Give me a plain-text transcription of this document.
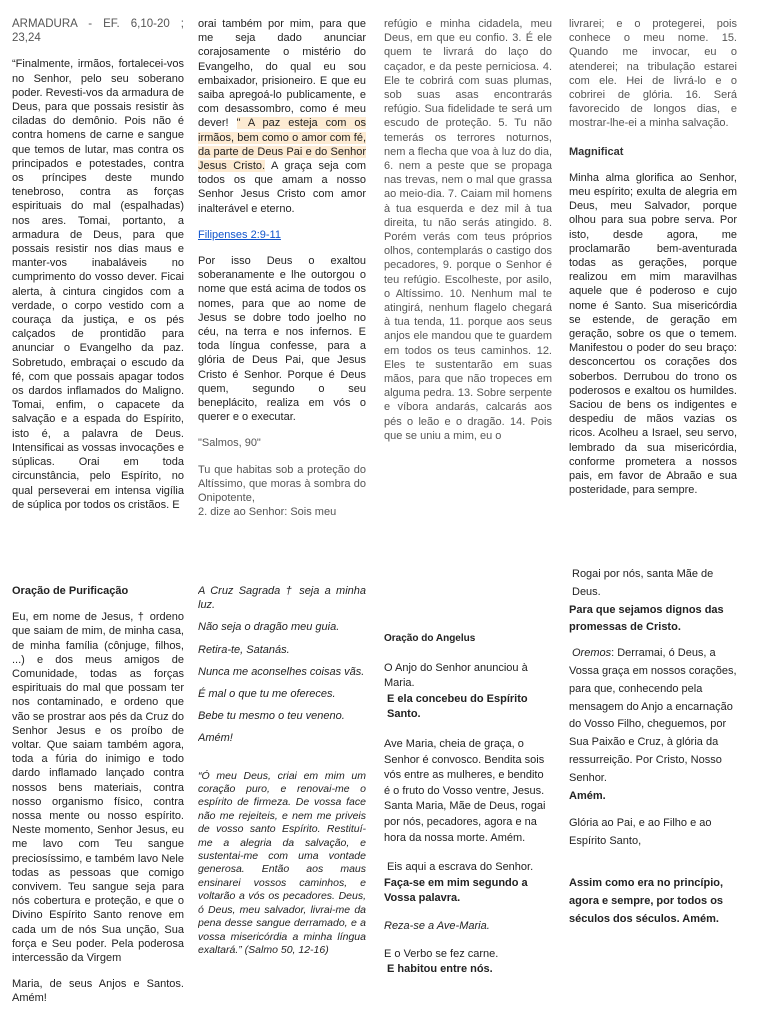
ARMADURA - EF. 6,10-20 ; 23,24

“Finalmente, irmãos, fortalecei-vos no Senhor, pelo seu soberano poder. Revesti-vos da armadura de Deus, para que possais resistir às ciladas do demônio. Pois não é contra homens de carne e sangue que temos de lutar, mas contra os principados e potestades, contra os príncipes deste mundo tenebroso, contra as forças espirituais do mal (espalhadas) nos ares. Tomai, portanto, a armadura de Deus, para que possais resistir nos dias maus e manter-vos inabaláveis no cumprimento do vosso dever. Ficai alerta, à cintura cingidos com a verdade, o corpo vestido com a couraça da justiça, e os pés calçados de prontidão para anunciar o Evangelho da paz. Sobretudo, embraçai o escudo da fé, com que possais apagar todos os dardos inflamados do Maligno. Tomai, enfim, o capacete da salvação e a espada do Espírito, isto é, a palavra de Deus. Intensificai as vossas invocações e súplicas. Orai em toda circunstância, pelo Espírito, no qual perseverai em intensa vigília de súplica por todos os cristãos. E

orai também por mim, para que me seja dado anunciar corajosamente o mistério do Evangelho, do qual eu sou embaixador, prisioneiro. E que eu saiba apregoá-lo publicamente, e com desassombro, como é meu dever! " A paz esteja com os irmãos, bem como o amor com fé, da parte de Deus Pai e do Senhor Jesus Cristo. A graça seja com todos os que amam a nosso Senhor Jesus Cristo com amor inalterável e eterno.

Filipenses 2:9-11

Por isso Deus o exaltou soberanamente e lhe outorgou o nome que está acima de todos os nomes, para que ao nome de Jesus se dobre todo joelho no céu, na terra e nos infernos. E toda língua confesse, para a glória de Deus Pai, que Jesus Cristo é Senhor. Porque é Deus quem, segundo o seu beneplácito, realiza em vós o querer e o executar.

"Salmos, 90"

Tu que habitas sob a proteção do Altíssimo, que moras à sombra do Onipotente,

2. dize ao Senhor: Sois meu

refúgio e minha cidadela, meu Deus, em que eu confio. 3. É ele quem te livrará do laço do caçador, e da peste perniciosa. 4. Ele te cobrirá com suas plumas, sob suas asas encontrarás refúgio. Sua fidelidade te será um escudo de proteção. 5. Tu não temerás os terrores noturnos, nem a flecha que voa à luz do dia, 6. nem a peste que se propaga nas trevas, nem o mal que grassa ao meio-dia. 7. Caiam mil homens à tua esquerda e dez mil à tua direita, tu não serás atingido. 8. Porém verás com teus próprios olhos, contemplarás o castigo dos pecadores, 9. porque o Senhor é teu refúgio. Escolheste, por asilo, o Altíssimo. 10. Nenhum mal te atingirá, nenhum flagelo chegará à tua tenda, 11. porque aos seus anjos ele mandou que te guardem em todos os teus caminhos. 12. Eles te sustentarão em suas mãos, para que não tropeces em alguma pedra. 13. Sobre serpente e víbora andarás, calcarás aos pés o leão e o dragão. 14. Pois que se uniu a mim, eu o

livrarei; e o protegerei, pois conhece o meu nome. 15. Quando me invocar, eu o atenderei; na tribulação estarei com ele. Hei de livrá-lo e o cobrirei de glória. 16. Será favorecido de longos dias, e mostrar-lhe-ei a minha salvação.

Magnificat

Minha alma glorifica ao Senhor, meu espírito; exulta de alegria em Deus, meu Salvador, porque olhou para sua pobre serva. Por isto, desde agora, me proclamarão bem-aventurada todas as gerações, porque realizou em mim maravilhas aquele que é poderoso e cujo nome é Santo. Sua misericórdia se estende, de geração em geração, sobre os que o temem. Manifestou o poder do seu braço: desconcertou os corações dos soberbos. Derrubou do trono os poderosos e exaltou os humildes. Saciou de bens os indigentes e despediu de mãos vazias os ricos. Acolheu a Israel, seu servo, lembrado da sua misericórdia, conforme prometera a nossos pais, em favor de Abraão e sua posteridade, para sempre.

Oração de Purificação

Eu, em nome de Jesus, † ordeno que saiam de mim, de minha casa, de minha família (cônjuge, filhos, ...) e dos meus amigos de Comunidade, todas as forças espirituais do mal que possam ter nos contaminado, e ordeno que vão se prostrar aos pés da Cruz do Senhor Jesus e os proíbo de voltar. Que saiam também agora, toda a fúria do inimigo e todo dardo inflamado lançado contra nossos bens materiais, contra nosso organismo físico, contra nossa mente ou nosso espírito. Neste momento, Senhor Jesus, eu me lavo com Teu sangue preciosíssimo, e também lavo Nele todas as pessoas que comigo convivem. Teu sangue seja para nós cobertura e proteção, e que o Divino Espírito Santo renove em cada um de nós Sua unção, Sua força e Seu poder. Pela poderosa intercessão da Virgem

Maria, de seus Anjos e Santos. Amém!

A Cruz Sagrada † seja a minha luz.

Não seja o dragão meu guia.

Retira-te, Satanás.

Nunca me aconselhes coisas vãs.

É mal o que tu me ofereces.

Bebe tu mesmo o teu veneno.

Amém!

“Ó meu Deus, criai em mim um coração puro, e renovai-me o espírito de firmeza. De vossa face não me rejeiteis, e nem me priveis de vosso santo Espírito. Restituí-me a alegria da salvação, e sustentai-me com uma vontade generosa. Então aos maus ensinarei vossos caminhos, e voltarão a vós os pecadores. Deus, ó Deus, meu salvador, livrai-me da pena desse sangue derramado, e a vossa misericórdia a minha língua exaltará.” (Salmo 50, 12-16)

Oração do Angelus

O Anjo do Senhor anunciou à Maria.

E ela concebeu do Espírito Santo.

Ave Maria, cheia de graça, o Senhor é convosco. Bendita sois vós entre as mulheres, e bendito é o fruto do Vosso ventre, Jesus. Santa Maria, Mãe de Deus, rogai por nós, pecadores, agora e na hora da nossa morte. Amém.

Eis aqui a escrava do Senhor.

Faça-se em mim segundo a Vossa palavra.

Reza-se a Ave-Maria.

E o Verbo se fez carne.

E habitou entre nós.

Rogai por nós, santa Mãe de Deus.

Para que sejamos dignos das promessas de Cristo.

Oremos: Derramai, ó Deus, a Vossa graça em nossos corações, para que, conhecendo pela mensagem do Anjo a encarnação do Vosso Filho, cheguemos, por Sua Paixão e Cruz, à glória da ressurreição. Por Cristo, Nosso Senhor.

Amém.

Glória ao Pai, e ao Filho e ao Espírito Santo,

Assim como era no princípio, agora e sempre, por todos os séculos dos séculos. Amém.
